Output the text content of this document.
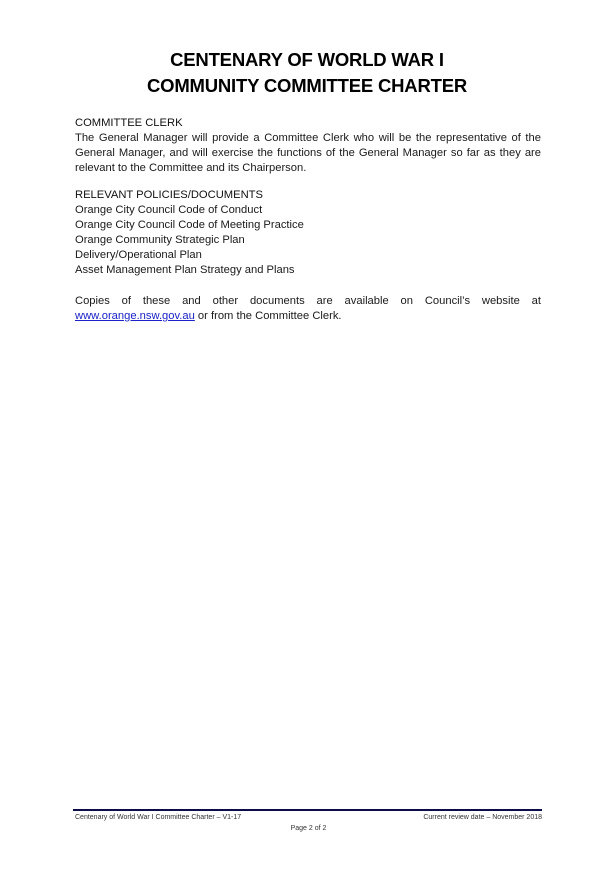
CENTENARY OF WORLD WAR I
COMMUNITY COMMITTEE CHARTER
COMMITTEE CLERK
The General Manager will provide a Committee Clerk who will be the representative of the
General Manager, and will exercise the functions of the General Manager so far as they are
relevant to the Committee and its Chairperson.
RELEVANT POLICIES/DOCUMENTS
Orange City Council Code of Conduct
Orange City Council Code of Meeting Practice
Orange Community Strategic Plan
Delivery/Operational Plan
Asset Management Plan Strategy and Plans
Copies of these and other documents are available on Council’s website at
www.orange.nsw.gov.au or from the Committee Clerk.
Centenary of World War I Committee Charter – V1-17	Current review date – November 2018
Page 2 of 2
